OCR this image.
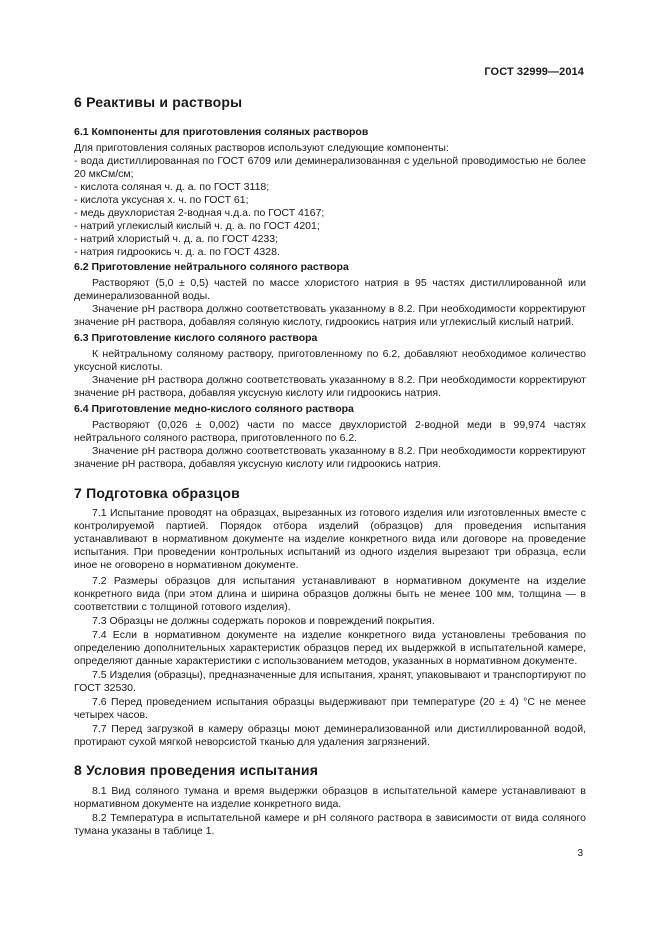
ГОСТ 32999—2014
6 Реактивы и растворы
6.1 Компоненты для приготовления соляных растворов
Для приготовления соляных растворов используют следующие компоненты:
- вода дистиллированная по ГОСТ 6709 или деминерализованная с удельной проводимостью не более 20 мкСм/см;
- кислота соляная ч. д. а. по ГОСТ 3118;
- кислота уксусная х. ч. по ГОСТ 61;
- медь двухлористая 2-водная ч.д.а. по ГОСТ 4167;
- натрий углекислый кислый ч. д. а. по ГОСТ 4201;
- натрий хлористый ч. д. а. по ГОСТ 4233;
- натрия гидроокись ч. д. а. по ГОСТ 4328.
6.2 Приготовление нейтрального соляного раствора
Растворяют (5,0 ± 0,5) частей по массе хлористого натрия в 95 частях дистиллированной или деминерализованной воды.
Значение pH раствора должно соответствовать указанному в 8.2. При необходимости корректируют значение pH раствора, добавляя соляную кислоту, гидроокись натрия или углекислый кислый натрий.
6.3 Приготовление кислого соляного раствора
К нейтральному соляному раствору, приготовленному по 6.2, добавляют необходимое количество уксусной кислоты.
Значение pH раствора должно соответствовать указанному в 8.2. При необходимости корректируют значение pH раствора, добавляя уксусную кислоту или гидроокись натрия.
6.4 Приготовление медно-кислого соляного раствора
Растворяют (0,026 ± 0,002) части по массе двухлористой 2-водной меди в 99,974 частях нейтрального соляного раствора, приготовленного по 6.2.
Значение pH раствора должно соответствовать указанному в 8.2. При необходимости корректируют значение pH раствора, добавляя уксусную кислоту или гидроокись натрия.
7 Подготовка образцов
7.1 Испытание проводят на образцах, вырезанных из готового изделия или изготовленных вместе с контролируемой партией. Порядок отбора изделий (образцов) для проведения испытания устанавливают в нормативном документе на изделие конкретного вида или договоре на проведение испытания. При проведении контрольных испытаний из одного изделия вырезают три образца, если иное не оговорено в нормативном документе.
7.2 Размеры образцов для испытания устанавливают в нормативном документе на изделие конкретного вида (при этом длина и ширина образцов должны быть не менее 100 мм, толщина — в соответствии с толщиной готового изделия).
7.3 Образцы не должны содержать пороков и повреждений покрытия.
7.4 Если в нормативном документе на изделие конкретного вида установлены требования по определению дополнительных характеристик образцов перед их выдержкой в испытательной камере, определяют данные характеристики с использованием методов, указанных в нормативном документе.
7.5 Изделия (образцы), предназначенные для испытания, хранят, упаковывают и транспортируют по ГОСТ 32530.
7.6 Перед проведением испытания образцы выдерживают при температуре (20 ± 4) °С не менее четырех часов.
7.7 Перед загрузкой в камеру образцы моют деминерализованной или дистиллированной водой, протирают сухой мягкой неворсистой тканью для удаления загрязнений.
8 Условия проведения испытания
8.1 Вид соляного тумана и время выдержки образцов в испытательной камере устанавливают в нормативном документе на изделие конкретного вида.
8.2 Температура в испытательной камере и pH соляного раствора в зависимости от вида соляного тумана указаны в таблице 1.
3
